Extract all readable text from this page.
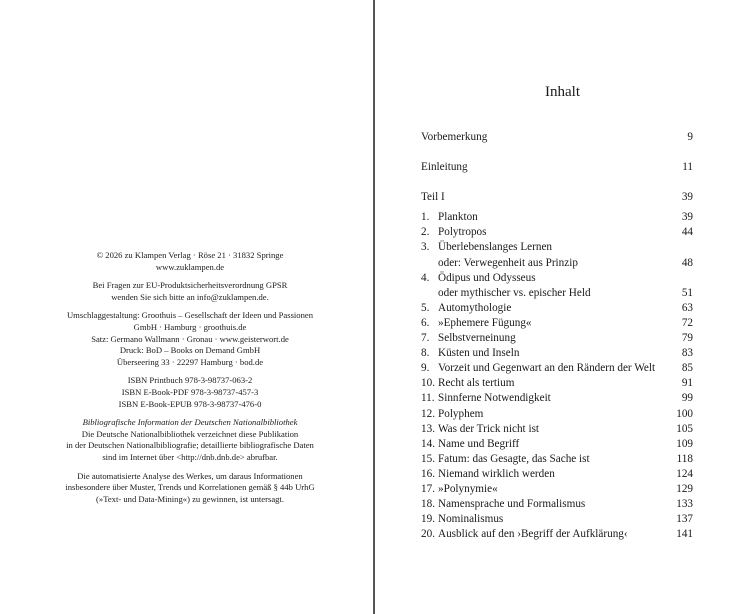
© 2026 zu Klampen Verlag · Röse 21 · 31832 Springe
www.zuklampen.de

Bei Fragen zur EU-Produktsicherheitsverordnung GPSR
wenden Sie sich bitte an info@zuklampen.de.

Umschlaggestaltung: Groothuis – Gesellschaft der Ideen und Passionen
GmbH · Hamburg · groothuis.de
Satz: Germano Wallmann · Gronau · www.geisterwort.de
Druck: BoD – Books on Demand GmbH
Überseering 33 · 22297 Hamburg · bod.de

ISBN Printbuch 978-3-98737-063-2
ISBN E-Book-PDF 978-3-98737-457-3
ISBN E-Book-EPUB 978-3-98737-476-0

Bibliografische Information der Deutschen Nationalbibliothek
Die Deutsche Nationalbibliothek verzeichnet diese Publikation
in der Deutschen Nationalbibliografie; detaillierte bibliografische Daten
sind im Internet über <http://dnb.dnb.de> abrufbar.

Die automatisierte Analyse des Werkes, um daraus Informationen
insbesondere über Muster, Trends und Korrelationen gemäß § 44b UrhG
(»Text- und Data-Mining«) zu gewinnen, ist untersagt.

Inhalt
Vorbemerkung	9
Einleitung	11
Teil I	39
1. Plankton	39
2. Polytropos	44
3. Überlebenslanges Lernen
oder: Verwegenheit aus Prinzip	48
4. Ödipus und Odysseus
oder mythischer vs. epischer Held	51
5. Automythologie	63
6. »Ephemere Fügung«	72
7. Selbstverneinung	79
8. Küsten und Inseln	83
9. Vorzeit und Gegenwart an den Rändern der Welt 85
10. Recht als tertium	91
11. Sinnferne Notwendigkeit	99
12. Polyphem	100
13. Was der Trick nicht ist	105
14. Name und Begriff	109
15. Fatum: das Gesagte, das Sache ist	118
16. Niemand wirklich werden	124
17. »Polynymie«	129
18. Namensprache und Formalismus	133
19. Nominalismus	137
20. Ausblick auf den ›Begriff der Aufklärung‹	141
